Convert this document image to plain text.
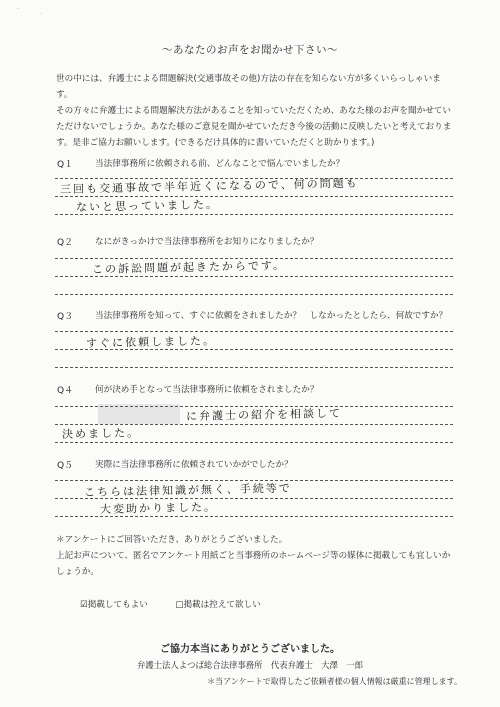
˝	·
～あなたのお声をお聞かせ下さい～
世の中には、弁護士による問題解決(交通事故その他)方法の存在を知らない方が多くいらっしゃいます。
その方々に弁護士による問題解決方法があることを知っていただくため、あなた様のお声を聞かせてい
ただけないでしょうか。あなた様のご意見を聞かせていただき今後の活動に反映したいと考えておりま
す。是非ご協力お願いします。(できるだけ具体的に書いていただくと助かります。)
Q１	当法律事務所に依頼される前、どんなことで悩んでいましたか？
三回も交通事故で半年近くになるので、何の問題も
ないと思っていました。
Q２	なにがきっかけで当法律事務所をお知りになりましたか？
この訴訟問題が起きたからです。
Q３	当法律事務所を知って、すぐに依頼をされましたか？　しなかったとしたら、何故ですか？
すぐに依頼しました。
Q４	何が決め手となって当法律事務所に依頼をされましたか？
に弁護士の紹介を相談して
決めました。
Q５	実際に当法律事務所に依頼されていかがでしたか？
こちらは法律知識が無く、手続等で
大変助かりました。
＊アンケートにご回答いただき、ありがとうございました。
上記お声について、匿名でアンケート用紙ごと当事務所のホームページ等の媒体に掲載しても宜しいか
しょうか。
☑掲載してもよい	□掲載は控えて欲しい
ご協力本当にありがとうございました。
弁護士法人よつば総合法律事務所　代表弁護士　大澤　一郎
＊当アンケートで取得したご依頼者様の個人情報は厳重に管理します。
